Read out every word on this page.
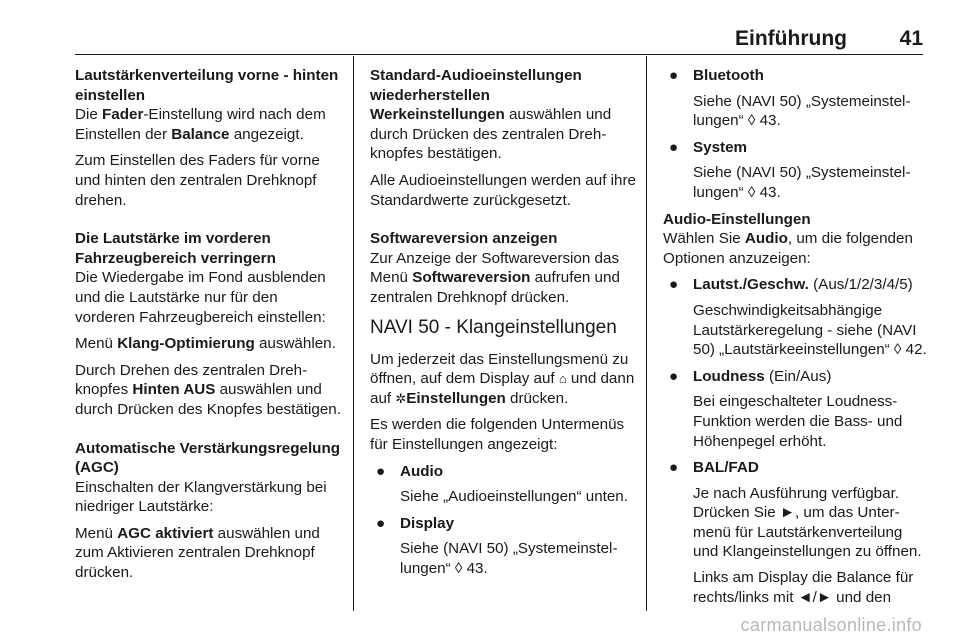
Einführung	41
Lautstärkenverteilung vorne - hinten einstellen

Die Fader-Einstellung wird nach dem Einstellen der Balance angezeigt.

Zum Einstellen des Faders für vorne und hinten den zentralen Drehknopf drehen.

Die Lautstärke im vorderen Fahrzeugbereich verringern

Die Wiedergabe im Fond ausblenden und die Lautstärke nur für den vorderen Fahrzeugbereich einstellen:

Menü Klang-Optimierung auswählen.

Durch Drehen des zentralen Drehknopfes Hinten AUS auswählen und durch Drücken des Knopfes bestätigen.

Automatische Verstärkungsregelung (AGC)

Einschalten der Klangverstärkung bei niedriger Lautstärke:

Menü AGC aktiviert auswählen und zum Aktivieren zentralen Drehknopf drücken.

Standard-Audioeinstellungen wiederherstellen

Werkeinstellungen auswählen und durch Drücken des zentralen Drehknopfes bestätigen.

Alle Audioeinstellungen werden auf ihre Standardwerte zurückgesetzt.

Softwareversion anzeigen

Zur Anzeige der Softwareversion das Menü Softwareversion aufrufen und zentralen Drehknopf drücken.

NAVI 50 - Klangeinstellungen

Um jederzeit das Einstellungsmenü zu öffnen, auf dem Display auf ⌂ und dann auf ✲Einstellungen drücken.

Es werden die folgenden Untermenüs für Einstellungen angezeigt:

● Audio
Siehe „Audioeinstellungen“ unten.
● Display
Siehe (NAVI 50) „Systemeinstellungen“ ◊ 43.
● Bluetooth
Siehe (NAVI 50) „Systemeinstellungen“ ◊ 43.
● System
Siehe (NAVI 50) „Systemeinstellungen“ ◊ 43.
Audio-Einstellungen

Wählen Sie Audio, um die folgenden Optionen anzuzeigen:

● Lautst./Geschw. (Aus/1/2/3/4/5)
Geschwindigkeitsabhängige Lautstärkeregelung - siehe (NAVI 50) „Lautstärkeeinstellungen“ ◊ 42.
● Loudness (Ein/Aus)
Bei eingeschalteter Loudness-Funktion werden die Bass- und Höhenpegel erhöht.
● BAL/FAD
Je nach Ausführung verfügbar. Drücken Sie ►, um das Untermenü für Lautstärkenverteilung und Klangeinstellungen zu öffnen.
Links am Display die Balance für rechts/links mit ◄/► und den
carmanualsonline.info
